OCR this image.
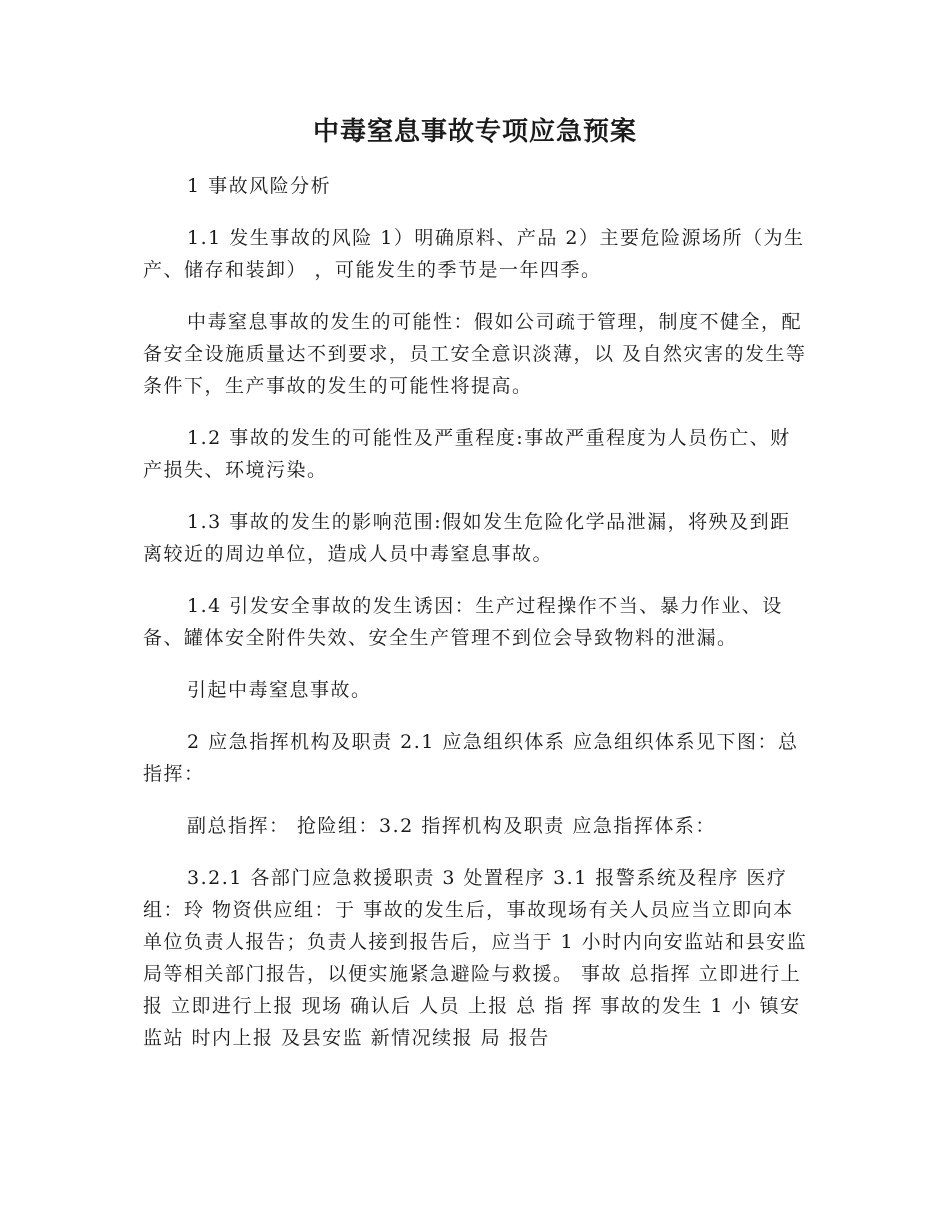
中毒窒息事故专项应急预案

1 事故风险分析

1.1 发生事故的风险 1）明确原料、产品 2）主要危险源场所（为生产、储存和装卸） ，可能发生的季节是一年四季。

中毒窒息事故的发生的可能性：假如公司疏于管理，制度不健全，配备安全设施质量达不到要求，员工安全意识淡薄，以 及自然灾害的发生等条件下，生产事故的发生的可能性将提高。

1.2 事故的发生的可能性及严重程度:事故严重程度为人员伤亡、财产损失、环境污染。

1.3 事故的发生的影响范围:假如发生危险化学品泄漏，将殃及到距离较近的周边单位，造成人员中毒窒息事故。

1.4 引发安全事故的发生诱因：生产过程操作不当、暴力作业、设备、罐体安全附件失效、安全生产管理不到位会导致物料的泄漏。

引起中毒窒息事故。

2 应急指挥机构及职责 2.1 应急组织体系 应急组织体系见下图：总指挥：

副总指挥： 抢险组：3.2 指挥机构及职责 应急指挥体系：

3.2.1 各部门应急救援职责 3 处置程序 3.1 报警系统及程序 医疗组：玲 物资供应组：于 事故的发生后，事故现场有关人员应当立即向本单位负责人报告；负责人接到报告后，应当于 1 小时内向安监站和县安监 局等相关部门报告，以便实施紧急避险与救援。 事故 总指挥 立即进行上报 立即进行上报 现场 确认后 人员 上报 总 指 挥 事故的发生 1 小 镇安监站 时内上报 及县安监 新情况续报 局 报告
